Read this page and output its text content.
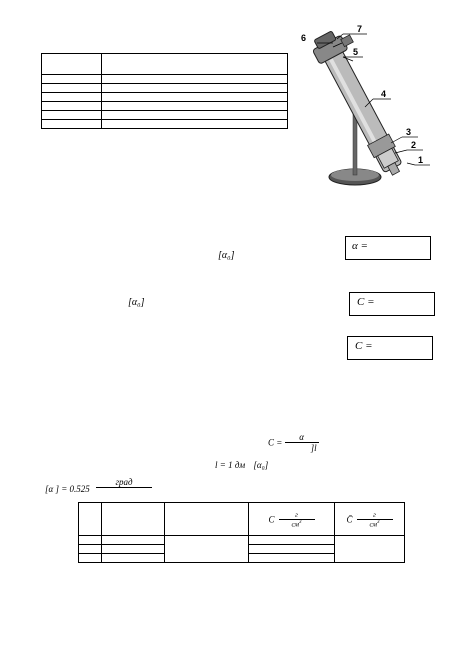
1
2
3
4
5
6
7
α =
[α₀]
[α₀]	C =
C =
$C = \frac{\alpha}{]l}$
l = 1 дм [α₀]
[α ] = 0.525
град
			C $\frac{г}{см^3}$	C̄ $\frac{г}{см^3}$
